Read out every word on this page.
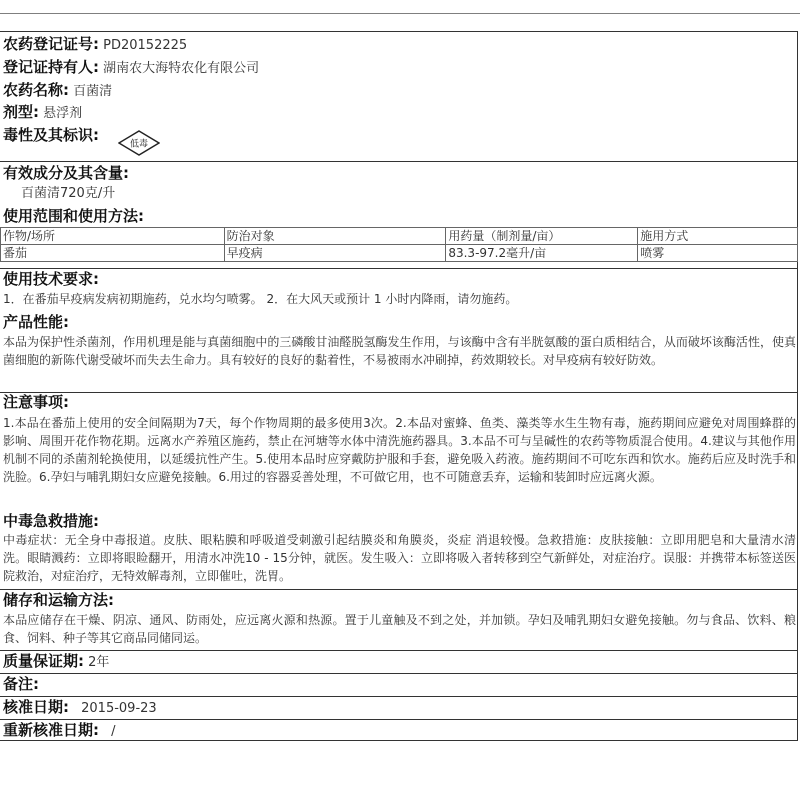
农药登记证号: PD20152225
登记证持有人: 湖南农大海特农化有限公司
农药名称: 百菌清
剂型: 悬浮剂
毒性及其标识:
低毒
有效成分及其含量:
百菌清720克/升
使用范围和使用方法:
作物/场所	防治对象	用药量（制剂量/亩）	施用方式
番茄	早疫病	83.3-97.2毫升/亩	喷雾
使用技术要求:
1．在番茄早疫病发病初期施药，兑水均匀喷雾。 2．在大风天或预计 1 小时内降雨，请勿施药。
产品性能:
本品为保护性杀菌剂，作用机理是能与真菌细胞中的三磷酸甘油醛脱氢酶发生作用，与该酶中含有半胱氨酸的蛋白质相结合，从而破坏该酶活性，使真菌细胞的新陈代谢受破坏而失去生命力。具有较好的良好的黏着性，不易被雨水冲刷掉，药效期较长。对早疫病有较好防效。
注意事项:
1.本品在番茄上使用的安全间隔期为7天，每个作物周期的最多使用3次。2.本品对蜜蜂、鱼类、藻类等水生生物有毒，施药期间应避免对周围蜂群的影响、周围开花作物花期。远离水产养殖区施药，禁止在河塘等水体中清洗施药器具。3.本品不可与呈碱性的农药等物质混合使用。4.建议与其他作用机制不同的杀菌剂轮换使用，以延缓抗性产生。5.使用本品时应穿戴防护服和手套，避免吸入药液。施药期间不可吃东西和饮水。施药后应及时洗手和洗脸。6.孕妇与哺乳期妇女应避免接触。6.用过的容器妥善处理，不可做它用，也不可随意丢弃，运输和装卸时应远离火源。
中毒急救措施:
中毒症状：无全身中毒报道。皮肤、眼粘膜和呼吸道受刺激引起结膜炎和角膜炎，炎症 消退较慢。急救措施：皮肤接触：立即用肥皂和大量清水清洗。眼睛溅药：立即将眼睑翻开，用清水冲洗10 - 15分钟，就医。发生吸入：立即将吸入者转移到空气新鲜处，对症治疗。误服：并携带本标签送医院救治，对症治疗，无特效解毒剂，立即催吐，洗胃。
储存和运输方法:
本品应储存在干燥、阴凉、通风、防雨处，应远离火源和热源。置于儿童触及不到之处，并加锁。孕妇及哺乳期妇女避免接触。勿与食品、饮料、粮食、饲料、种子等其它商品同储同运。
质量保证期: 2年
备注:
核准日期: 2015-09-23
重新核准日期: /
